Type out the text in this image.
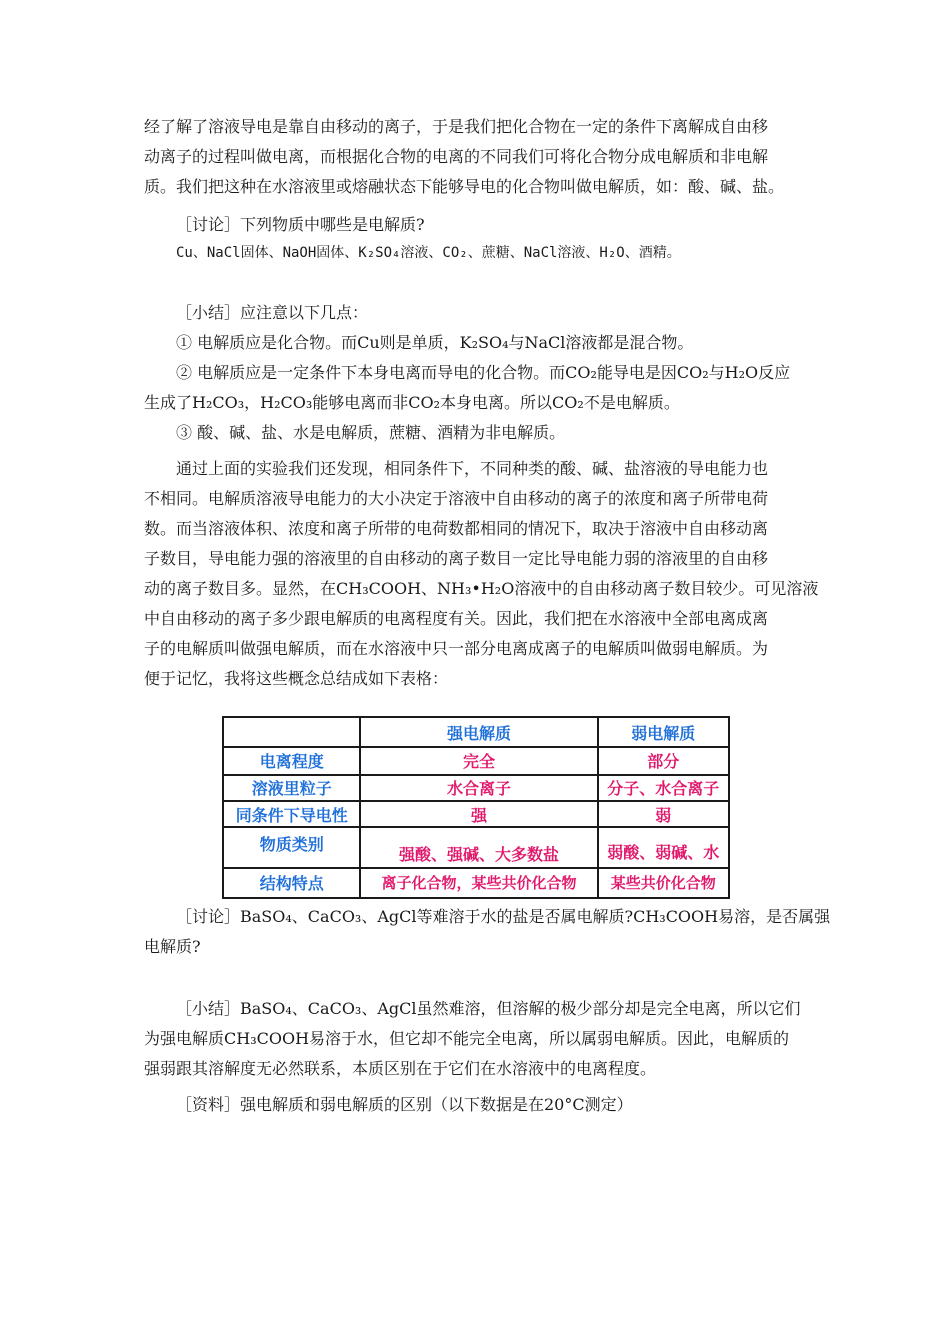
经了解了溶液导电是靠自由移动的离子，于是我们把化合物在一定的条件下离解成自由移
动离子的过程叫做电离，而根据化合物的电离的不同我们可将化合物分成电解质和非电解
质。我们把这种在水溶液里或熔融状态下能够导电的化合物叫做电解质，如：酸、碱、盐。

［讨论］下列物质中哪些是电解质?

Cu、NaCl固体、NaOH固体、K₂SO₄溶液、CO₂、蔗糖、NaCl溶液、H₂O、酒精。

［小结］应注意以下几点：
① 电解质应是化合物。而Cu则是单质，K₂SO₄与NaCl溶液都是混合物。
② 电解质应是一定条件下本身电离而导电的化合物。而CO₂能导电是因CO₂与H₂O反应
生成了H₂CO₃，H₂CO₃能够电离而非CO₂本身电离。所以CO₂不是电解质。
③ 酸、碱、盐、水是电解质，蔗糖、酒精为非电解质。

通过上面的实验我们还发现，相同条件下，不同种类的酸、碱、盐溶液的导电能力也
不相同。电解质溶液导电能力的大小决定于溶液中自由移动的离子的浓度和离子所带电荷
数。而当溶液体积、浓度和离子所带的电荷数都相同的情况下，取决于溶液中自由移动离
子数目，导电能力强的溶液里的自由移动的离子数目一定比导电能力弱的溶液里的自由移
动的离子数目多。显然，在CH₃COOH、NH₃•H₂O溶液中的自由移动离子数目较少。可见溶液
中自由移动的离子多少跟电解质的电离程度有关。因此，我们把在水溶液中全部电离成离
子的电解质叫做强电解质，而在水溶液中只一部分电离成离子的电解质叫做弱电解质。为
便于记忆，我将这些概念总结成如下表格：

	强电解质	弱电解质
电离程度	完全	部分
溶液里粒子	水合离子	分子、水合离子
同条件下导电性	强	弱
物质类别	强酸、强碱、大多数盐	弱酸、弱碱、水
结构特点	离子化合物，某些共价化合物	某些共价化合物

［讨论］BaSO₄、CaCO₃、AgCl等难溶于水的盐是否属电解质?CH₃COOH易溶，是否属强
电解质?

［小结］BaSO₄、CaCO₃、AgCl虽然难溶，但溶解的极少部分却是完全电离，所以它们
为强电解质CH₃COOH易溶于水，但它却不能完全电离，所以属弱电解质。因此，电解质的
强弱跟其溶解度无必然联系，本质区别在于它们在水溶液中的电离程度。

［资料］强电解质和弱电解质的区别（以下数据是在20°C测定）
